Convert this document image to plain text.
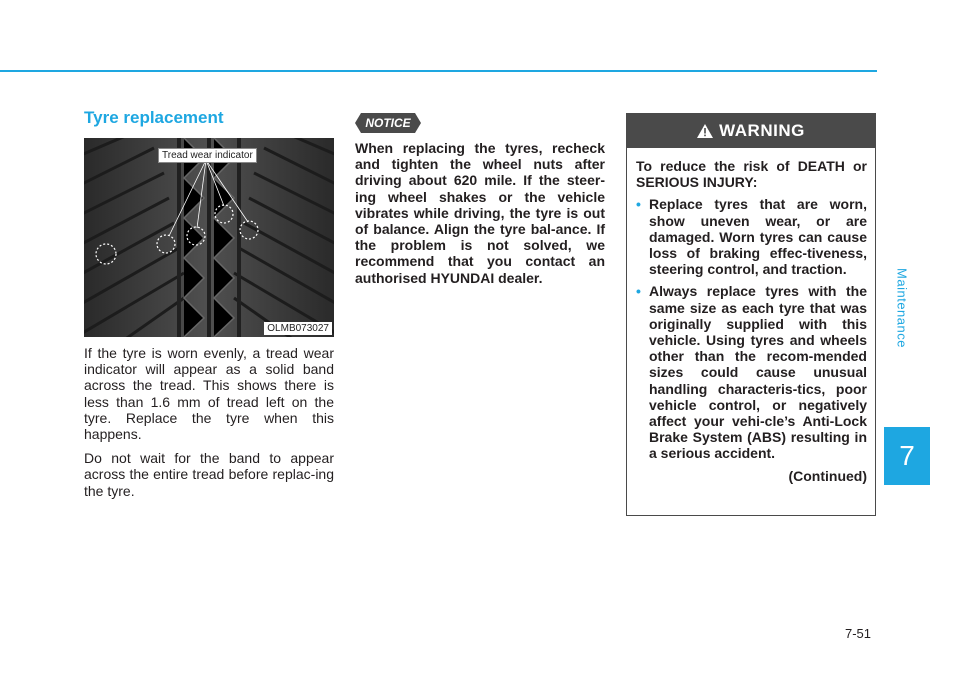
Maintenance
7
Tyre replacement
Tread wear indicator
OLMB073027

If the tyre is worn evenly, a tread wear indicator will appear as a solid band across the tread. This shows there is less than 1.6 mm of tread left on the tyre. Replace the tyre when this happens.

Do not wait for the band to appear across the entire tread before replac-ing the tyre.

NOTICE

When replacing the tyres, recheck and tighten the wheel nuts after driving about 620 mile. If the steer-ing wheel shakes or the vehicle vibrates while driving, the tyre is out of balance. Align the tyre bal-ance. If the problem is not solved, we recommend that you contact an authorised HYUNDAI dealer.

WARNING

To reduce the risk of DEATH or SERIOUS INJURY:

• Replace tyres that are worn, show uneven wear, or are damaged. Worn tyres can cause loss of braking effec-tiveness, steering control, and traction.
• Always replace tyres with the same size as each tyre that was originally supplied with this vehicle. Using tyres and wheels other than the recom-mended sizes could cause unusual handling characteris-tics, poor vehicle control, or negatively affect your vehi-cle’s Anti-Lock Brake System (ABS) resulting in a serious accident.
(Continued)
7-51
